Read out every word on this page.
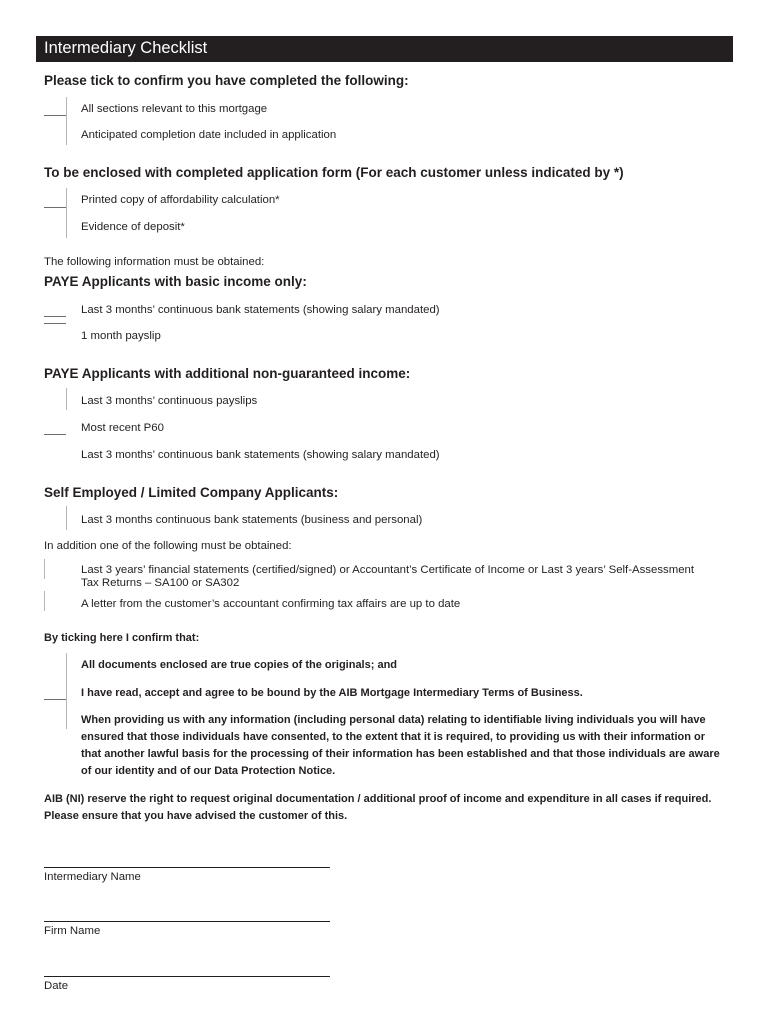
Intermediary Checklist
Please tick to confirm you have completed the following:
All sections relevant to this mortgage
Anticipated completion date included in application
To be enclosed with completed application form (For each customer unless indicated by *)
Printed copy of affordability calculation*
Evidence of deposit*
The following information must be obtained:
PAYE Applicants with basic income only:
Last 3 months’ continuous bank statements (showing salary mandated)
1 month payslip
PAYE Applicants with additional non-guaranteed income:
Last 3 months’ continuous payslips
Most recent P60
Last 3 months’ continuous bank statements (showing salary mandated)
Self Employed / Limited Company Applicants:
Last 3 months continuous bank statements (business and personal)
In addition one of the following must be obtained:
Last 3 years’ financial statements (certified/signed) or Accountant’s Certificate of Income or Last 3 years’ Self-Assessment Tax Returns – SA100 or SA302
A letter from the customer’s accountant confirming tax affairs are up to date
By ticking here I confirm that:
All documents enclosed are true copies of the originals; and
I have read, accept and agree to be bound by the AIB Mortgage Intermediary Terms of Business.
When providing us with any information (including personal data) relating to identifiable living individuals you will have ensured that those individuals have consented, to the extent that it is required, to providing us with their information or that another lawful basis for the processing of their information has been established and that those individuals are aware of our identity and of our Data Protection Notice.
AIB (NI) reserve the right to request original documentation / additional proof of income and expenditure in all cases if required. Please ensure that you have advised the customer of this.
Intermediary Name
Firm Name
Date
